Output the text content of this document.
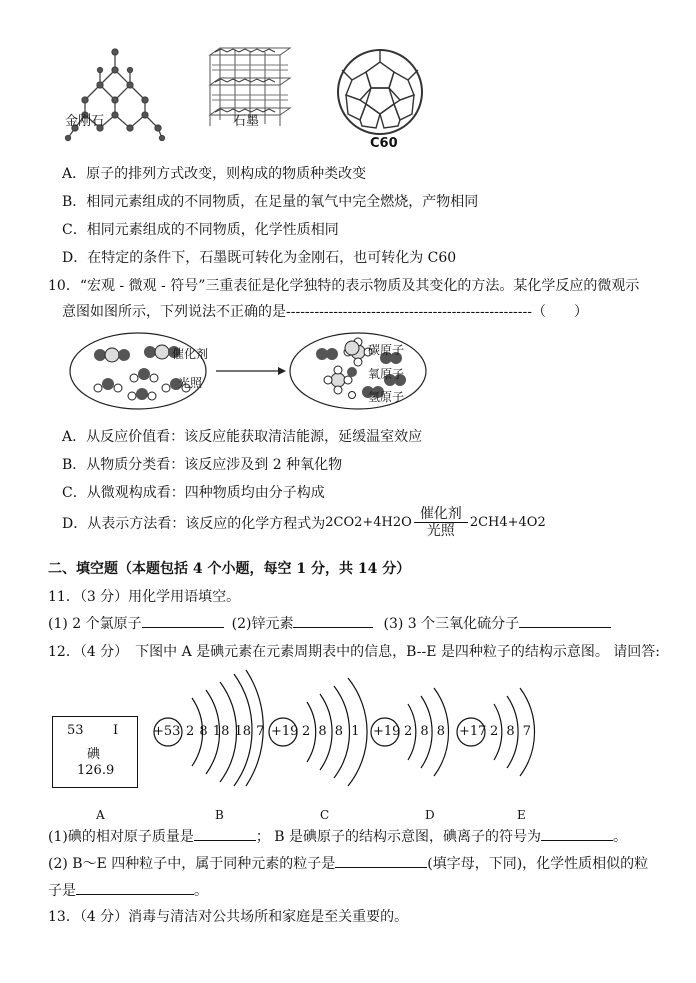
金刚石	石墨
C60
A．原子的排列方式改变，则构成的物质种类改变
B．相同元素组成的不同物质，在足量的氧气中完全燃烧，产物相同
C．相同元素组成的不同物质，化学性质相同
D．在特定的条件下，石墨既可转化为金刚石，也可转化为 C60
10．“宏观 - 微观 - 符号”三重表征是化学独特的表示物质及其变化的方法。某化学反应的微观示
意图如图所示，下列说法不正确的是----------------------------------------------------（　　）
催化剂
光照
碳原子
氧原子
氢原子
A．从反应价值看：该反应能获取清洁能源，延缓温室效应
B．从物质分类看：该反应涉及到 2 种氧化物
C．从微观构成看：四种物质均由分子构成
D．从表示方法看：该反应的化学方程式为$2CO2+4H2O \frac{\text{催化剂}}{\text{光照}} 2CH4+4O2$
二、填空题（本题包括 4 个小题，每空 1 分，共 14 分）
11．（3 分）用化学用语填空。
(1) 2 个氯原子	(2)锌元素	(3) 3 个三氧化硫分子
12．（4 分）　下图中 A 是碘元素在元素周期表中的信息，B--E 是四种粒子的结构示意图。 请回答:
53 I
碘
126.9
+53 2 8 18 18 7 +19 2 8 8 1 +19 2 8 8 +17 2 8 7
A	B	C	D	E
(1)碘的相对原子质量是	； B 是碘原子的结构示意图，碘离子的符号为	。
(2) B～E 四种粒子中，属于同种元素的粒子是	(填字母，下同)，化学性质相似的粒
子是	。
13．（4 分）消毒与清洁对公共场所和家庭是至关重要的。
